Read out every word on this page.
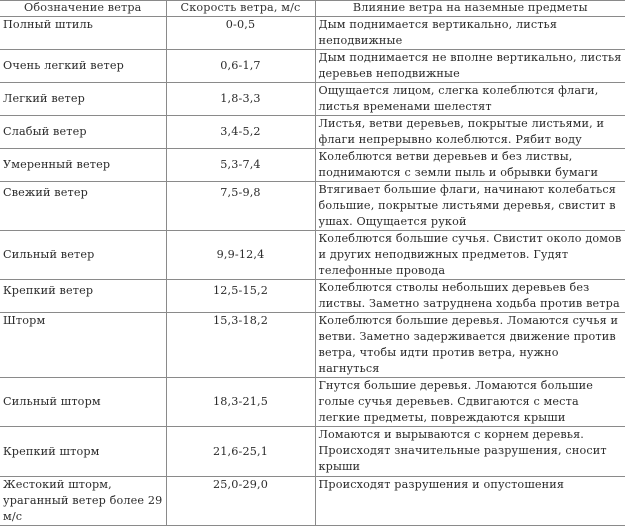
Обозначение ветра	Скорость ветра, м/с	Влияние ветра на наземные предметы
Полный штиль	0-0,5	Дым поднимается вертикально, листья неподвижные
Очень легкий ветер	0,6-1,7	Дым поднимается не вполне вертикально, листья деревьев неподвижные
Легкий ветер	1,8-3,3	Ощущается лицом, слегка колеблются флаги, листья временами шелестят
Слабый ветер	3,4-5,2	Листья, ветви деревьев, покрытые листьями, и флаги непрерывно колеблются. Рябит воду
Умеренный ветер	5,3-7,4	Колеблются ветви деревьев и без листвы, поднимаются с земли пыль и обрывки бумаги
Свежий ветер	7,5-9,8	Втягивает большие флаги, начинают колебаться большие, покрытые листьями деревья, свистит в ушах. Ощущается рукой
Сильный ветер	9,9-12,4	Колеблются большие сучья. Свистит около домов и других неподвижных предметов. Гудят телефонные провода
Крепкий ветер	12,5-15,2	Колеблются стволы небольших деревьев без листвы. Заметно затруднена ходьба против ветра
Шторм	15,3-18,2	Колеблются большие деревья. Ломаются сучья и ветви. Заметно задерживается движение против ветра, чтобы идти против ветра, нужно нагнуться
Сильный шторм	18,3-21,5	Гнутся большие деревья. Ломаются большие голые сучья деревьев. Сдвигаются с места легкие предметы, повреждаются крыши
Крепкий шторм	21,6-25,1	Ломаются и вырываются с корнем деревья. Происходят значительные разрушения, сносит крыши
Жестокий шторм, ураганный ветер более 29 м/с	25,0-29,0	Происходят разрушения и опустошения
